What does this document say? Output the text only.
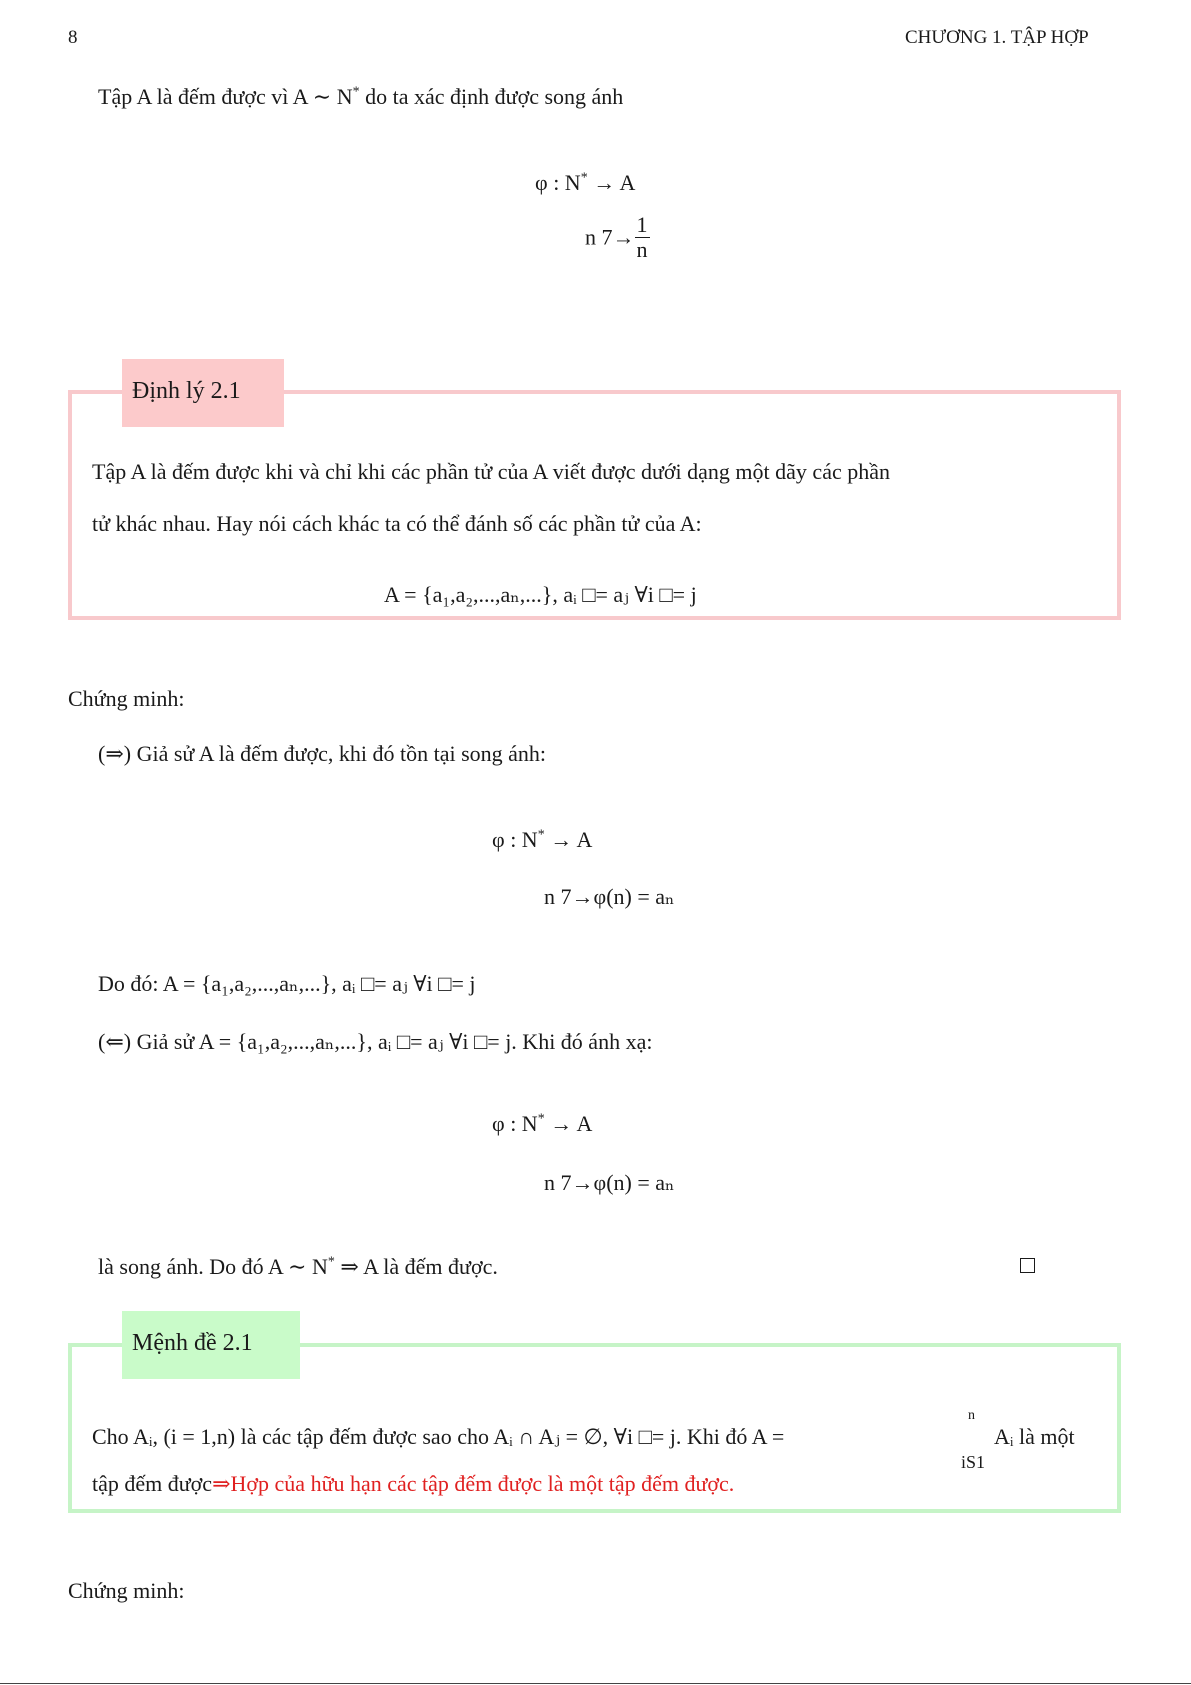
8	CHƯƠNG 1. TẬP HỢP
Tập A là đếm được vì A ∼ N* do ta xác định được song ánh
φ : N* → A
n $7\to \frac{1}{n}$
Định lý 2.1
Tập A là đếm được khi và chỉ khi các phần tử của A viết được dưới dạng một dãy các phần
tử khác nhau. Hay nói cách khác ta có thể đánh số các phần tử của A:
A = {a₁,a₂,...,aₙ,...}, aᵢ □= aⱼ ∀i □= j
Chứng minh:
(⇒) Giả sử A là đếm được, khi đó tồn tại song ánh:
φ : N* → A
n 7→φ(n) = aₙ
Do đó: A = {a₁,a₂,...,aₙ,...}, aᵢ □= aⱼ ∀i □= j
(⇐) Giả sử A = {a₁,a₂,...,aₙ,...}, aᵢ □= aⱼ ∀i □= j. Khi đó ánh xạ:
φ : N* → A
n 7→φ(n) = aₙ
là song ánh. Do đó A ∼ N* ⇒ A là đếm được.
Mệnh đề 2.1
Cho Aᵢ, (i = 1,n) là các tập đếm được sao cho Aᵢ ∩ Aⱼ = ∅, ∀i □= j. Khi đó A =
n
iS1
Aᵢ là một
tập đếm được⇒Hợp của hữu hạn các tập đếm được là một tập đếm được.
Chứng minh:
